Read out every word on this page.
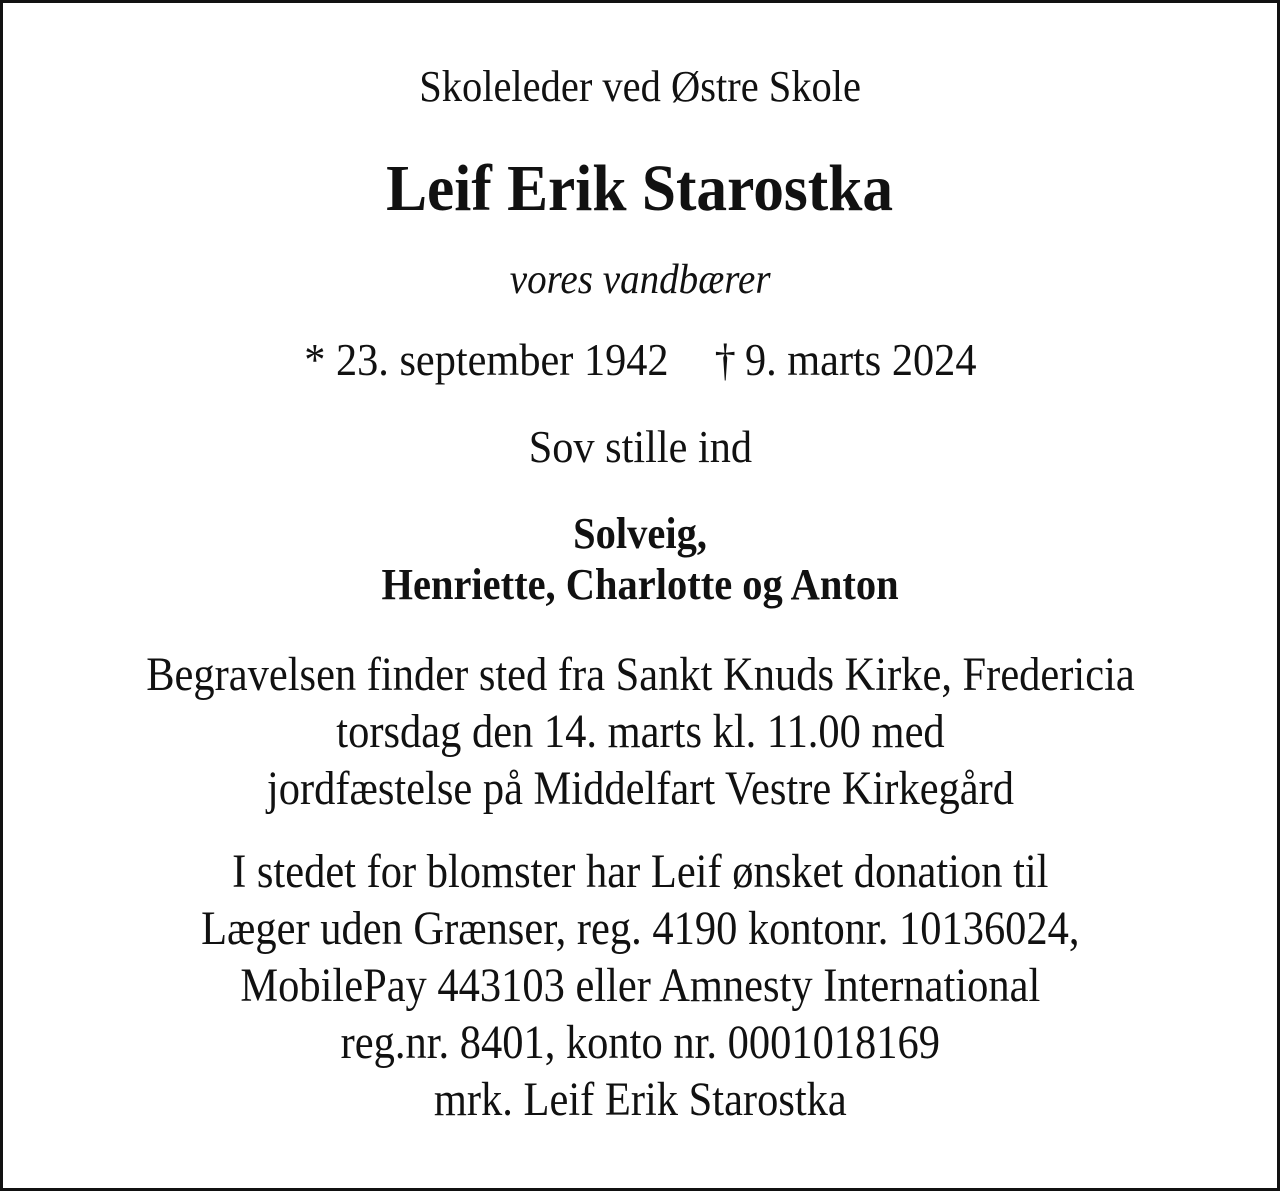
Skoleleder ved Østre Skole
Leif Erik Starostka
vores vandbærer
* 23. september 1942 † 9. marts 2024
Sov stille ind
Solveig,
Henriette, Charlotte og Anton
Begravelsen finder sted fra Sankt Knuds Kirke, Fredericia
torsdag den 14. marts kl. 11.00 med
jordfæstelse på Middelfart Vestre Kirkegård
I stedet for blomster har Leif ønsket donation til
Læger uden Grænser, reg. 4190 kontonr. 10136024,
MobilePay 443103 eller Amnesty International
reg.nr. 8401, konto nr. 0001018169
mrk. Leif Erik Starostka
